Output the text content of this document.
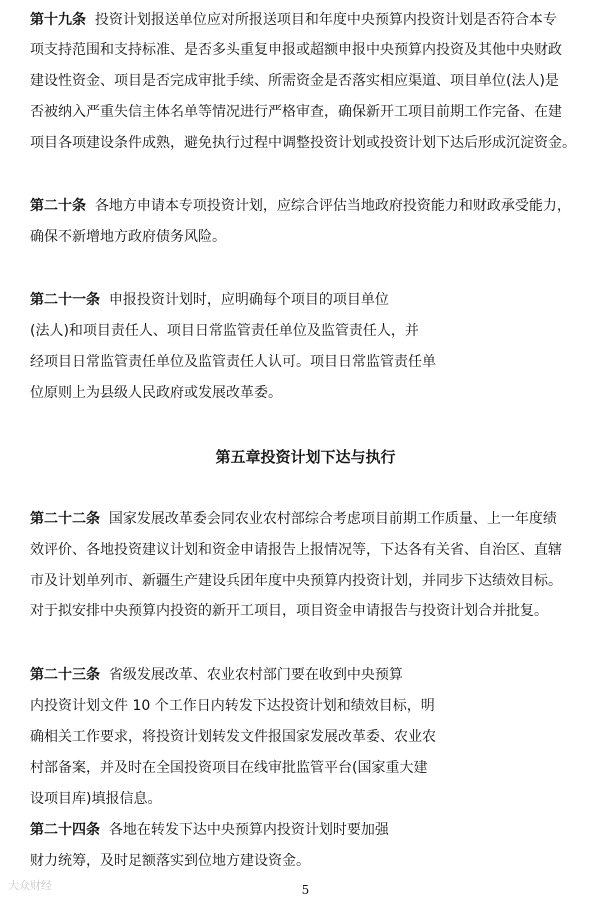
第十九条 投资计划报送单位应对所报送项目和年度中央预算内投资计划是否符合本专

项支持范围和支持标准、是否多头重复申报或超额申报中央预算内投资及其他中央财政

建设性资金、项目是否完成审批手续、所需资金是否落实相应渠道、项目单位(法人)是

否被纳入严重失信主体名单等情况进行严格审查，确保新开工项目前期工作完备、在建

项目各项建设条件成熟，避免执行过程中调整投资计划或投资计划下达后形成沉淀资金。

第二十条 各地方申请本专项投资计划，应综合评估当地政府投资能力和财政承受能力，

确保不新增地方政府债务风险。

第二十一条 申报投资计划时，应明确每个项目的项目单位

(法人)和项目责任人、项目日常监管责任单位及监管责任人，并

经项目日常监管责任单位及监管责任人认可。项目日常监管责任单

位原则上为县级人民政府或发展改革委。

第五章投资计划下达与执行

第二十二条 国家发展改革委会同农业农村部综合考虑项目前期工作质量、上一年度绩

效评价、各地投资建议计划和资金申请报告上报情况等，下达各有关省、自治区、直辖

市及计划单列市、新疆生产建设兵团年度中央预算内投资计划，并同步下达绩效目标。

对于拟安排中央预算内投资的新开工项目，项目资金申请报告与投资计划合并批复。

第二十三条 省级发展改革、农业农村部门要在收到中央预算

内投资计划文件 10 个工作日内转发下达投资计划和绩效目标，明

确相关工作要求，将投资计划转发文件报国家发展改革委、农业农

村部备案，并及时在全国投资项目在线审批监管平台(国家重大建

设项目库)填报信息。

第二十四条 各地在转发下达中央预算内投资计划时要加强

财力统筹，及时足额落实到位地方建设资金。

大众财经	5
